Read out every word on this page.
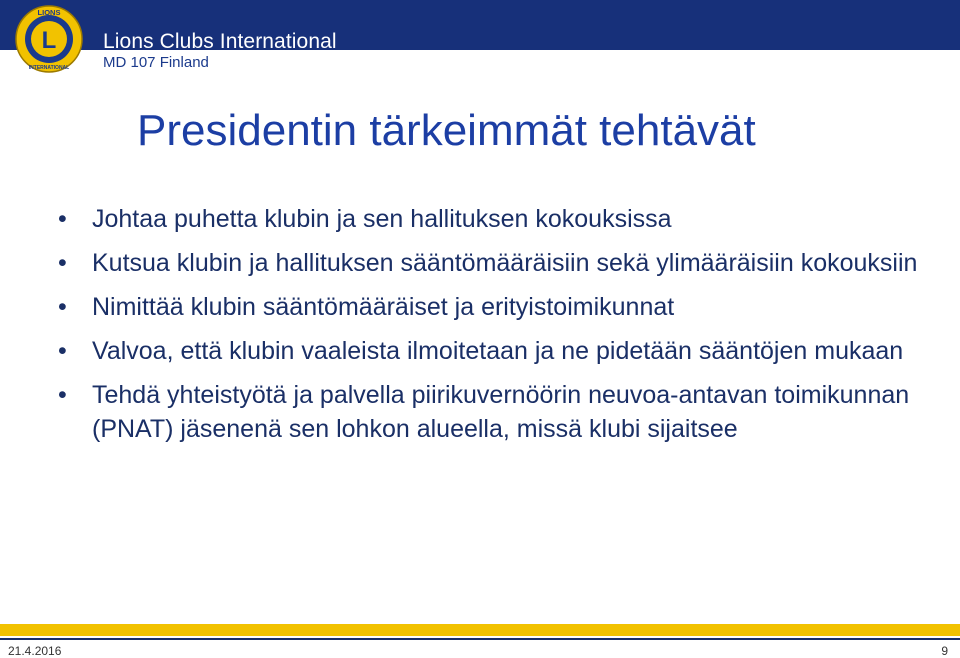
L
LIONS
INTERNATIONAL
Lions Clubs International
MD 107 Finland
Presidentin tärkeimmät tehtävät
• Johtaa puhetta klubin ja sen hallituksen kokouksissa
• Kutsua klubin ja hallituksen sääntömääräisiin sekä ylimääräisiin kokouksiin
• Nimittää klubin sääntömääräiset ja erityistoimikunnat
• Valvoa, että klubin vaaleista ilmoitetaan ja ne pidetään sääntöjen mukaan
• Tehdä yhteistyötä ja palvella piirikuvernöörin neuvoa-antavan toimikunnan (PNAT) jäsenenä sen lohkon alueella, missä klubi sijaitsee
21.4.2016	9
